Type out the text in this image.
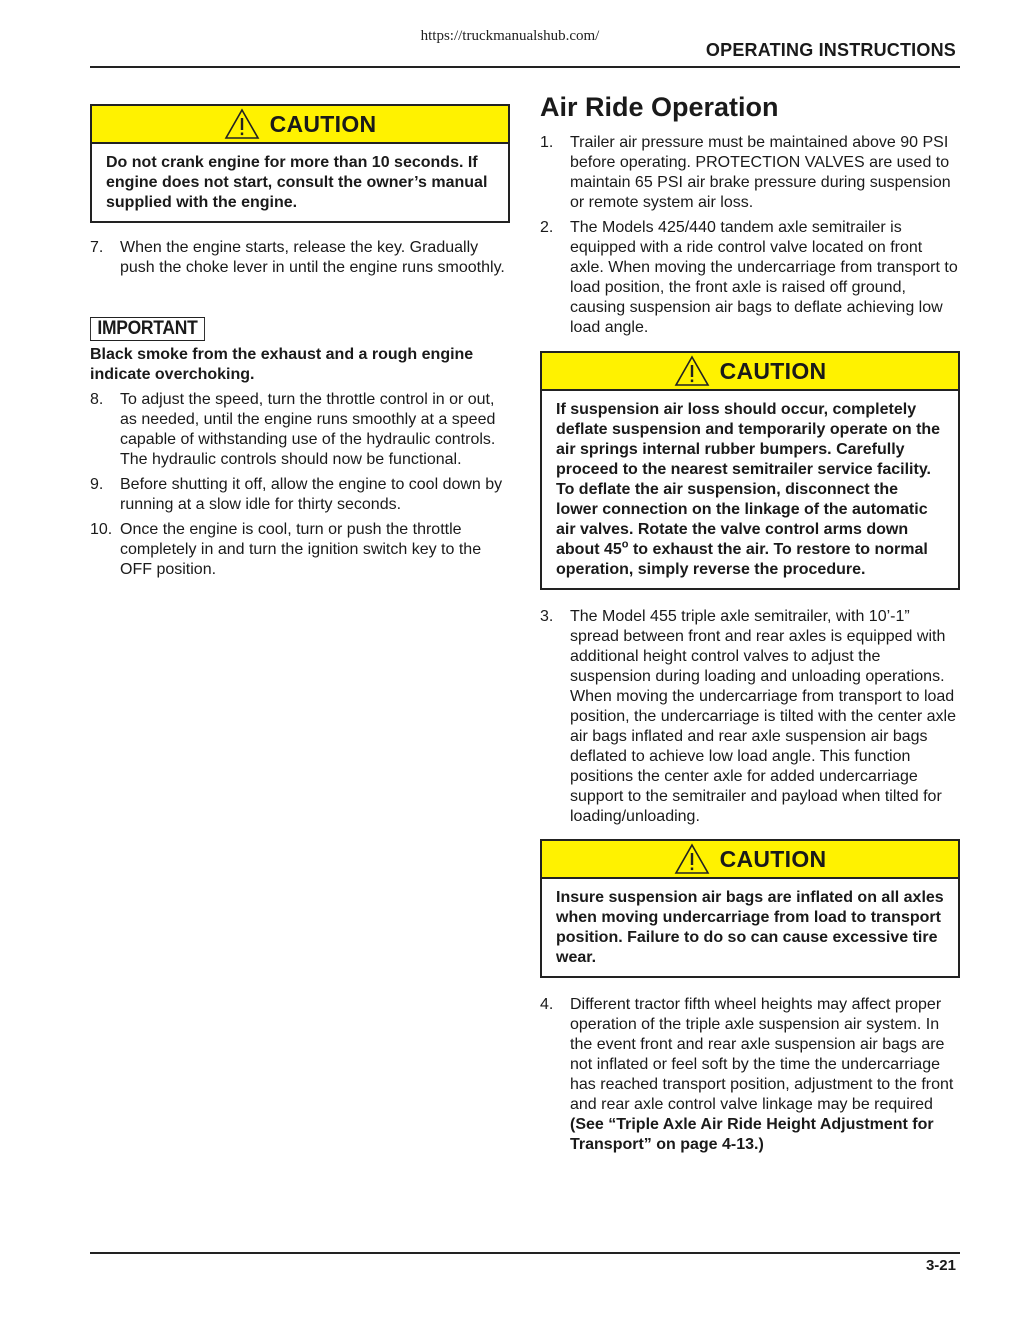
https://truckmanualshub.com/
OPERATING INSTRUCTIONS
CAUTION
Do not crank engine for more than 10 seconds. If engine does not start, consult the owner’s manual supplied with the engine.
7. When the engine starts, release the key. Gradually push the choke lever in until the engine runs smoothly.
IMPORTANT
Black smoke from the exhaust and a rough engine indicate overchoking.
8. To adjust the speed, turn the throttle control in or out, as needed, until the engine runs smoothly at a speed capable of withstanding use of the hydraulic controls. The hydraulic controls should now be functional.
9. Before shutting it off, allow the engine to cool down by running at a slow idle for thirty seconds.
10. Once the engine is cool, turn or push the throttle completely in and turn the ignition switch key to the OFF position.
Air Ride Operation
1. Trailer air pressure must be maintained above 90 PSI before operating. PROTECTION VALVES are used to maintain 65 PSI air brake pressure during suspension or remote system air loss.
2. The Models 425/440 tandem axle semitrailer is equipped with a ride control valve located on front axle. When moving the undercarriage from transport to load position, the front axle is raised off ground, causing suspension air bags to deflate achieving low load angle.
CAUTION
If suspension air loss should occur, completely deflate suspension and temporarily operate on the air springs internal rubber bumpers. Carefully proceed to the nearest semitrailer service facility. To deflate the air suspension, disconnect the lower connection on the linkage of the automatic air valves. Rotate the valve control arms down about 45$^o$ to exhaust the air. To restore to normal operation, simply reverse the procedure.
3. The Model 455 triple axle semitrailer, with 10’-1” spread between front and rear axles is equipped with additional height control valves to adjust the suspension during loading and unloading operations. When moving the undercarriage from transport to load position, the undercarriage is tilted with the center axle air bags inflated and rear axle suspension air bags deflated to achieve low load angle. This function positions the center axle for added undercarriage support to the semitrailer and payload when tilted for loading/unloading.
CAUTION
Insure suspension air bags are inflated on all axles when moving undercarriage from load to transport position. Failure to do so can cause excessive tire wear.
4. Different tractor fifth wheel heights may affect proper operation of the triple axle suspension air system. In the event front and rear axle suspension air bags are not inflated or feel soft by the time the undercarriage has reached transport position, adjustment to the front and rear axle control valve linkage may be required (See “Triple Axle Air Ride Height Adjustment for Transport” on page 4-13.)
3-21
